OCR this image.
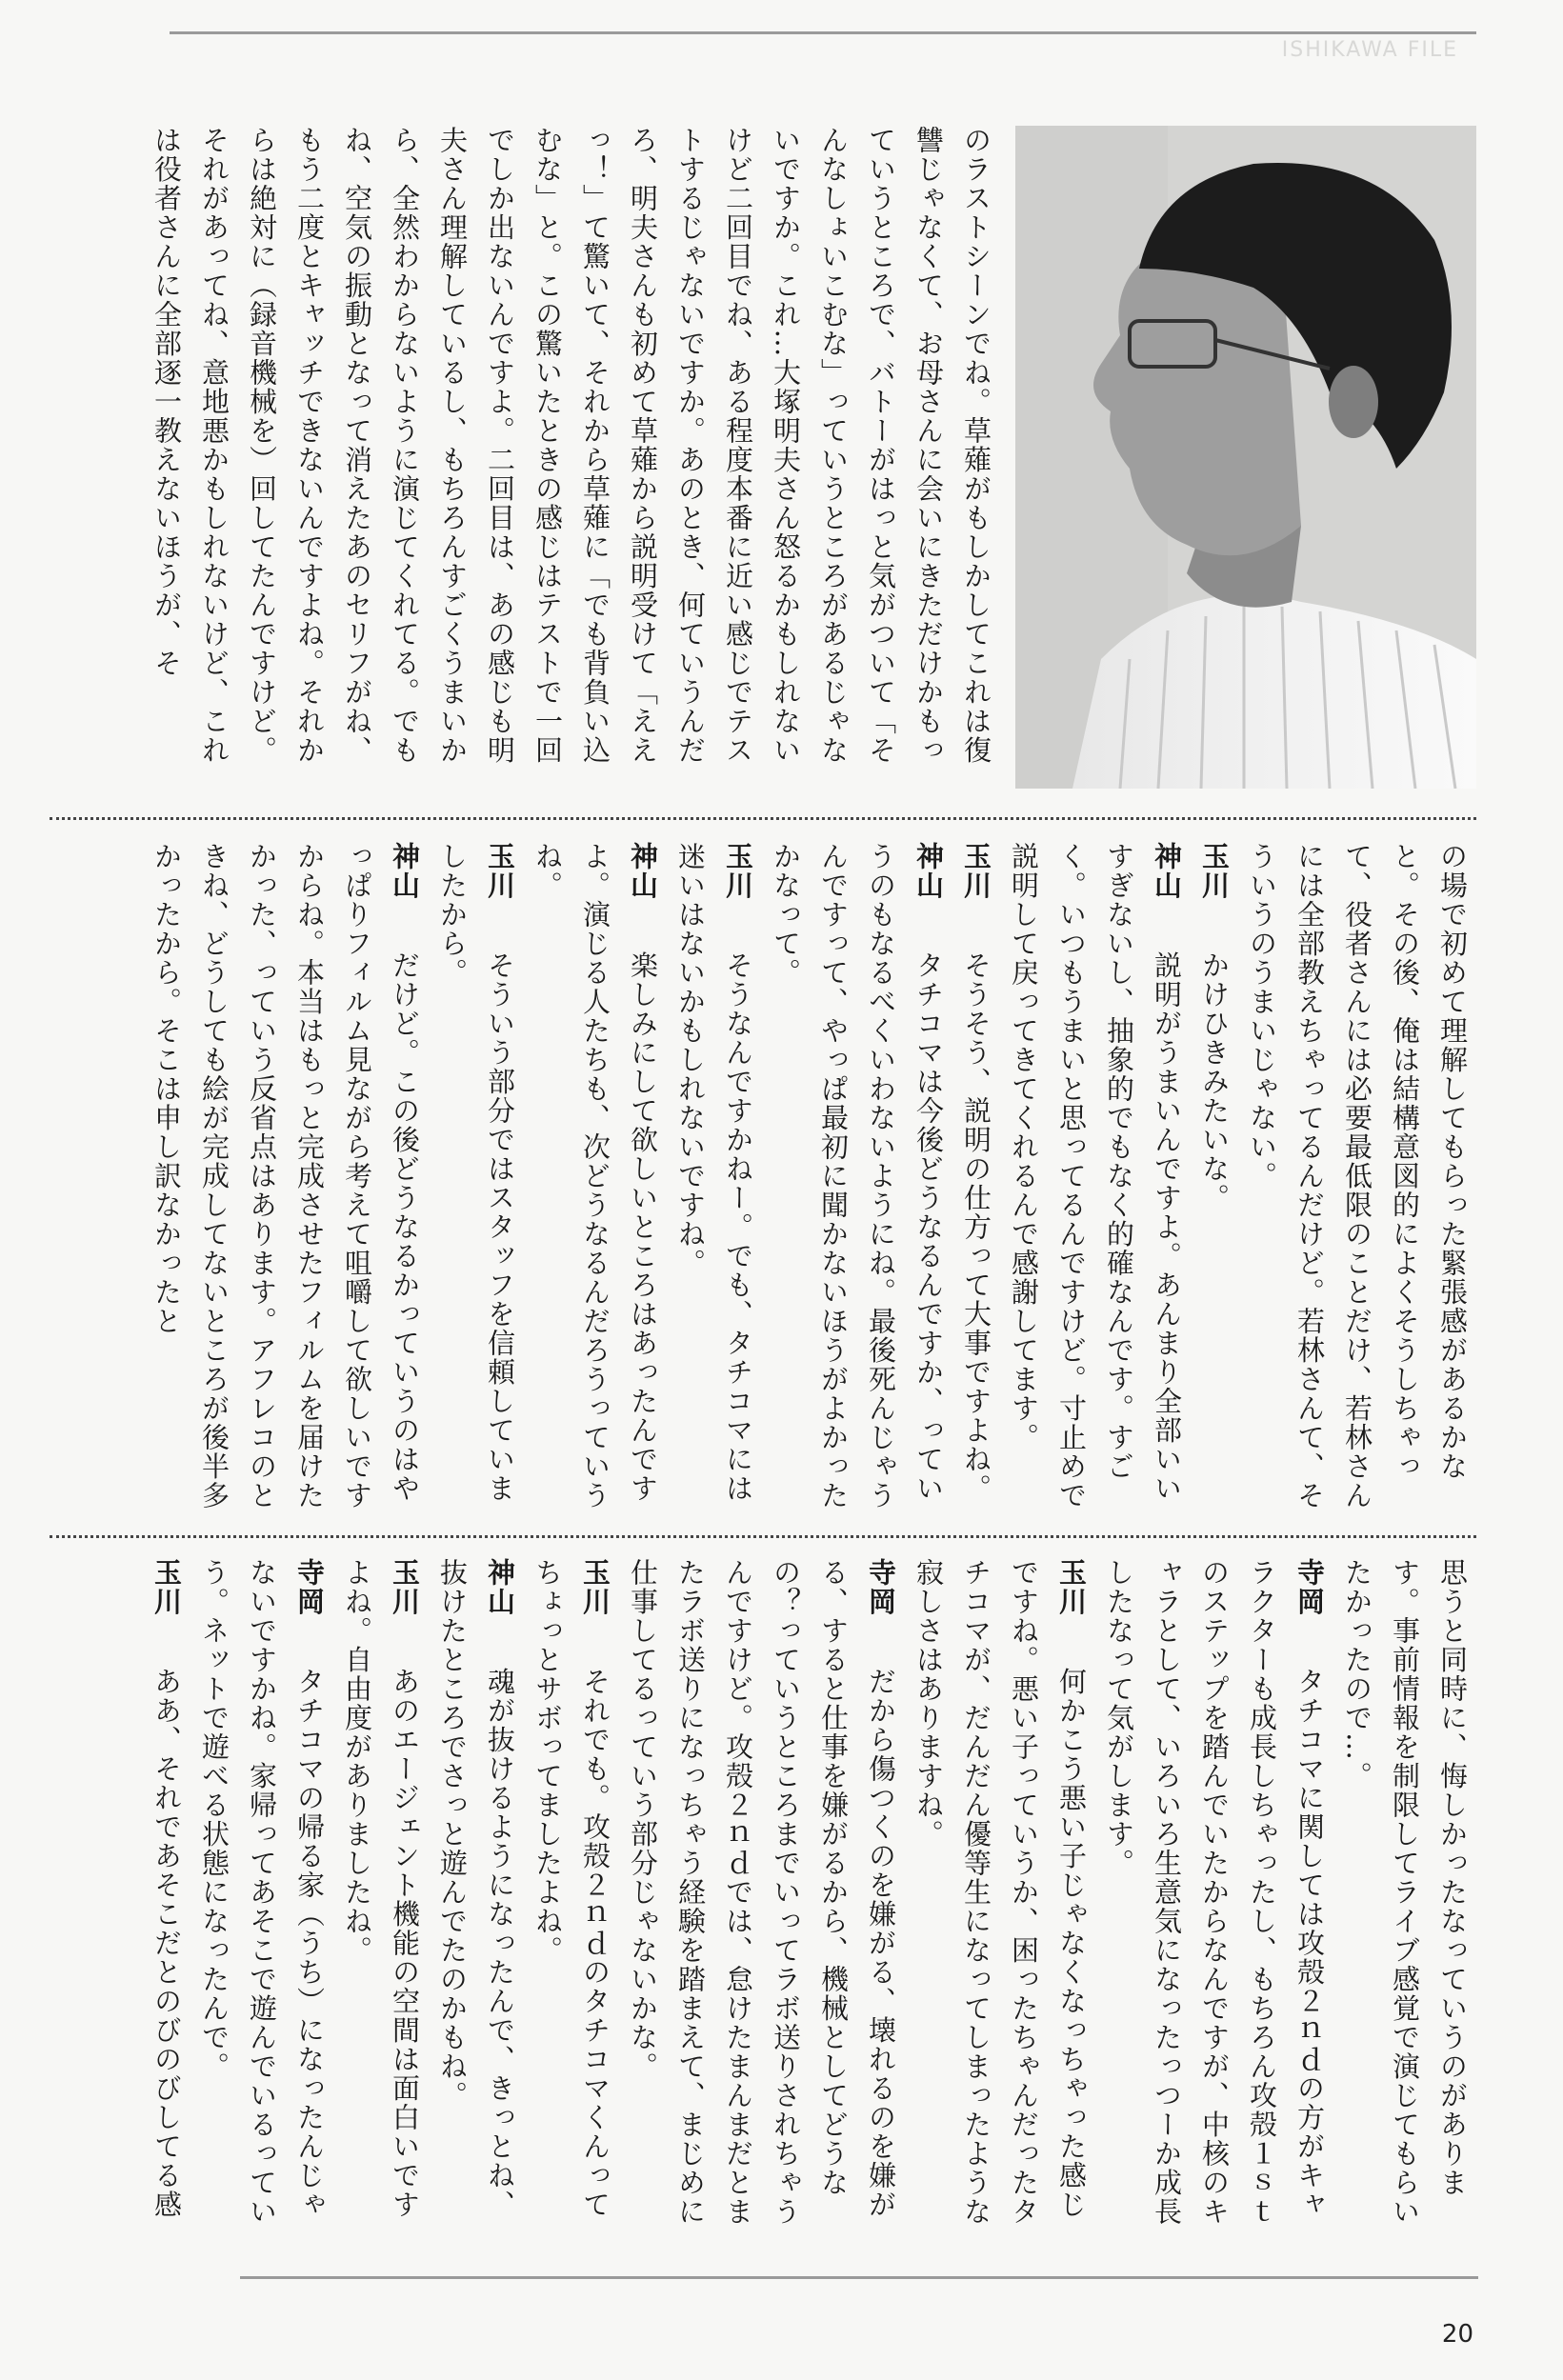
ISHIKAWA FILE

のラストシーンでね。草薙がもしかしてこれは復讐じゃなくて、お母さんに会いにきただけかもっていうところで、バトーがはっと気がついて「そんなしょいこむな」っていうところがあるじゃないですか。これ…大塚明夫さん怒るかもしれないけど二回目でね、ある程度本番に近い感じでテストするじゃないですか。あのとき、何ていうんだろ、明夫さんも初めて草薙から説明受けて「ええっ！」て驚いて、それから草薙に「でも背負い込むな」と。この驚いたときの感じはテストで一回でしか出ないんですよ。二回目は、あの感じも明夫さん理解しているし、もちろんすごくうまいから、全然わからないように演じてくれてる。でもね、空気の振動となって消えたあのセリフがね、もう二度とキャッチできないんですよね。それからは絶対に（録音機械を）回してたんですけど。それがあってね、意地悪かもしれないけど、これは役者さんに全部逐一教えないほうが、そ

の場で初めて理解してもらった緊張感があるかなと。その後、俺は結構意図的によくそうしちゃって、役者さんには必要最低限のことだけ、若林さんには全部教えちゃってるんだけど。若林さんて、そういうのうまいじゃない。

玉川　かけひきみたいな。

神山　説明がうまいんですよ。あんまり全部いいすぎないし、抽象的でもなく的確なんです。すごく。いつもうまいと思ってるんですけど。寸止めで説明して戻ってきてくれるんで感謝してます。

玉川　そうそう、説明の仕方って大事ですよね。

神山　タチコマは今後どうなるんですか、っていうのもなるべくいわないようにね。最後死んじゃうんですって、やっぱ最初に聞かないほうがよかったかなって。

玉川　そうなんですかねー。でも、タチコマには迷いはないかもしれないですね。

神山　楽しみにして欲しいところはあったんですよ。演じる人たちも、次どうなるんだろうっていうね。

玉川　そういう部分ではスタッフを信頼していましたから。

神山　だけど。この後どうなるかっていうのはやっぱりフィルム見ながら考えて咀嚼して欲しいですからね。本当はもっと完成させたフィルムを届けたかった、っていう反省点はあります。アフレコのときね、どうしても絵が完成してないところが後半多かったから。そこは申し訳なかったと

思うと同時に、悔しかったなっていうのがあります。事前情報を制限してライブ感覚で演じてもらいたかったので…。

寺岡　タチコマに関しては攻殻２ｎｄの方がキャラクターも成長しちゃったし、もちろん攻殻１ｓｔのステップを踏んでいたからなんですが、中核のキャラとして、いろいろ生意気になったっつーか成長したなって気がします。

玉川　何かこう悪い子じゃなくなっちゃった感じですね。悪い子っていうか、困ったちゃんだったタチコマが、だんだん優等生になってしまったような寂しさはありますね。

寺岡　だから傷つくのを嫌がる、壊れるのを嫌がる、すると仕事を嫌がるから、機械としてどうなの？っていうところまでいってラボ送りされちゃうんですけど。攻殻２ｎｄでは、怠けたまんまだとまたラボ送りになっちゃう経験を踏まえて、まじめに仕事してるっていう部分じゃないかな。

玉川　それでも。攻殻２ｎｄのタチコマくんってちょっとサボってましたよね。

神山　魂が抜けるようになったんで、きっとね、抜けたところでさっと遊んでたのかもね。

玉川　あのエージェント機能の空間は面白いですよね。自由度がありましたね。

寺岡　タチコマの帰る家（うち）になったんじゃないですかね。家帰ってあそこで遊んでいるっていう。ネットで遊べる状態になったんで。

玉川　ああ、それであそこだとのびのびしてる感

20
